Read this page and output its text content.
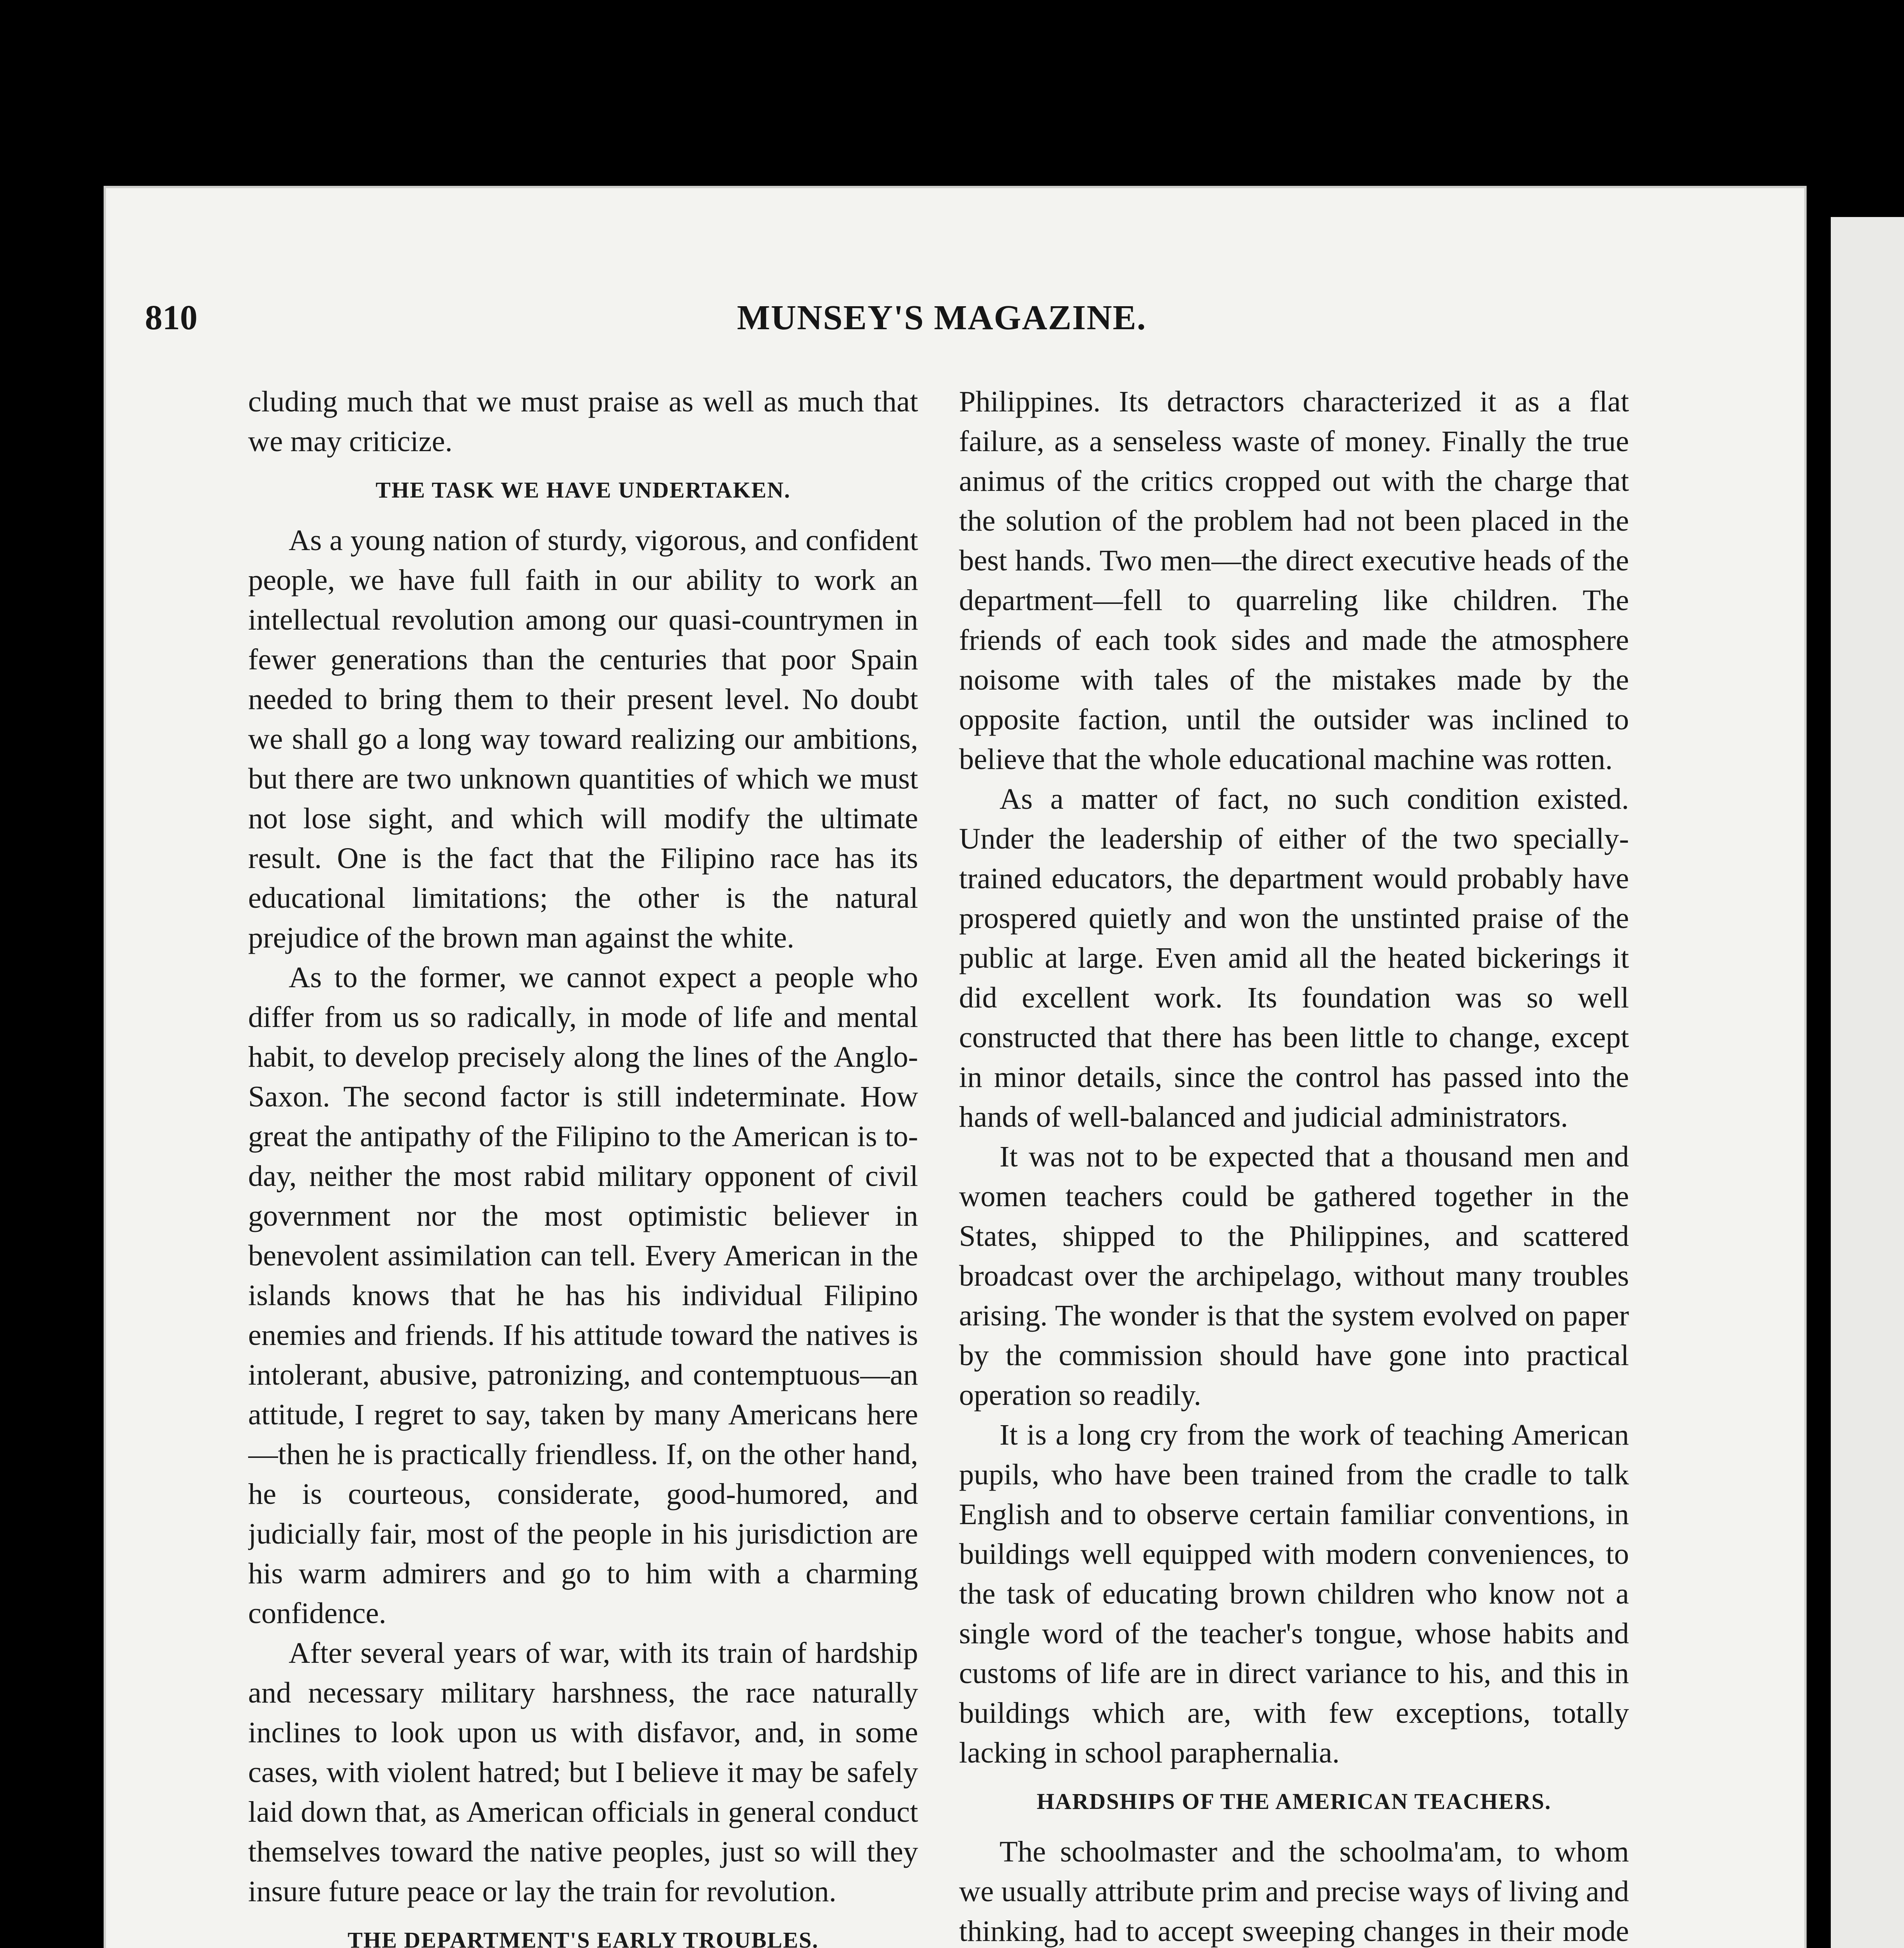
810	MUNSEY'S MAGAZINE.

cluding much that we must praise as well as much that we may criticize.

THE TASK WE HAVE UNDERTAKEN.

As a young nation of sturdy, vigorous, and confident people, we have full faith in our ability to work an intellectual revolution among our quasi-countrymen in fewer generations than the centuries that poor Spain needed to bring them to their present level. No doubt we shall go a long way toward realizing our ambitions, but there are two unknown quantities of which we must not lose sight, and which will modify the ultimate result. One is the fact that the Filipino race has its educational limitations; the other is the natural prejudice of the brown man against the white.

As to the former, we cannot expect a people who differ from us so radically, in mode of life and mental habit, to develop precisely along the lines of the Anglo-Saxon. The second factor is still indeterminate. How great the antipathy of the Filipino to the American is to-day, neither the most rabid military opponent of civil government nor the most optimistic believer in benevolent assimilation can tell. Every American in the islands knows that he has his individual Filipino enemies and friends. If his attitude toward the natives is intolerant, abusive, patronizing, and contemptuous—an attitude, I regret to say, taken by many Americans here—then he is practically friendless. If, on the other hand, he is courteous, considerate, good-humored, and judicially fair, most of the people in his jurisdiction are his warm admirers and go to him with a charming confidence.

After several years of war, with its train of hardship and necessary military harshness, the race naturally inclines to look upon us with disfavor, and, in some cases, with violent hatred; but I believe it may be safely laid down that, as American officials in general conduct themselves toward the native peoples, just so will they insure future peace or lay the train for revolution.

THE DEPARTMENT'S EARLY TROUBLES.

Philippines. Its detractors characterized it as a flat failure, as a senseless waste of money. Finally the true animus of the critics cropped out with the charge that the solution of the problem had not been placed in the best hands. Two men—the direct executive heads of the department—fell to quarreling like children. The friends of each took sides and made the atmosphere noisome with tales of the mistakes made by the opposite faction, until the outsider was inclined to believe that the whole educational machine was rotten.

As a matter of fact, no such condition existed. Under the leadership of either of the two specially-trained educators, the department would probably have prospered quietly and won the unstinted praise of the public at large. Even amid all the heated bickerings it did excellent work. Its foundation was so well constructed that there has been little to change, except in minor details, since the control has passed into the hands of well-balanced and judicial administrators.

It was not to be expected that a thousand men and women teachers could be gathered together in the States, shipped to the Philippines, and scattered broadcast over the archipelago, without many troubles arising. The wonder is that the system evolved on paper by the commission should have gone into practical operation so readily.

It is a long cry from the work of teaching American pupils, who have been trained from the cradle to talk English and to observe certain familiar conventions, in buildings well equipped with modern conveniences, to the task of educating brown children who know not a single word of the teacher's tongue, whose habits and customs of life are in direct variance to his, and this in buildings which are, with few exceptions, totally lacking in school paraphernalia.

HARDSHIPS OF THE AMERICAN TEACHERS.

The schoolmaster and the schoolma'am, to whom we usually attribute prim and precise ways of living and thinking, had to accept sweeping changes in their mode
